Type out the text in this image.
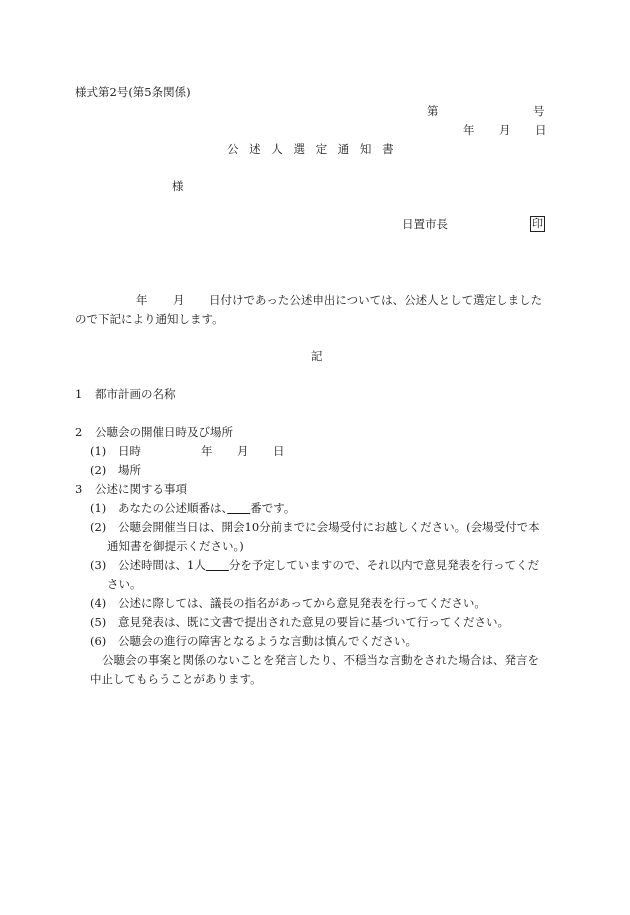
様式第2号(第5条関係)
第	号
年 月 日
公 述 人 選 定 通 知 書
様
日置市長	印
年 月 日付けであった公述申出については、公述人として選定しました
ので下記により通知します。
記
1 都市計画の名称
2 公聴会の開催日時及び場所
(1) 日時	年 月 日
(2) 場所
3 公述に関する事項
(1) あなたの公述順番は、　　 番です。
(2) 公聴会開催当日は、開会10分前までに会場受付にお越しください。(会場受付で本
通知書を御提示ください。)
(3) 公述時間は、1人　　 分を予定していますので、それ以内で意見発表を行ってくだ
さい。
(4) 公述に際しては、議長の指名があってから意見発表を行ってください。
(5) 意見発表は、既に文書で提出された意見の要旨に基づいて行ってください。
(6) 公聴会の進行の障害となるような言動は慎んでください。
公聴会の事案と関係のないことを発言したり、不穏当な言動をされた場合は、発言を
中止してもらうことがあります。
